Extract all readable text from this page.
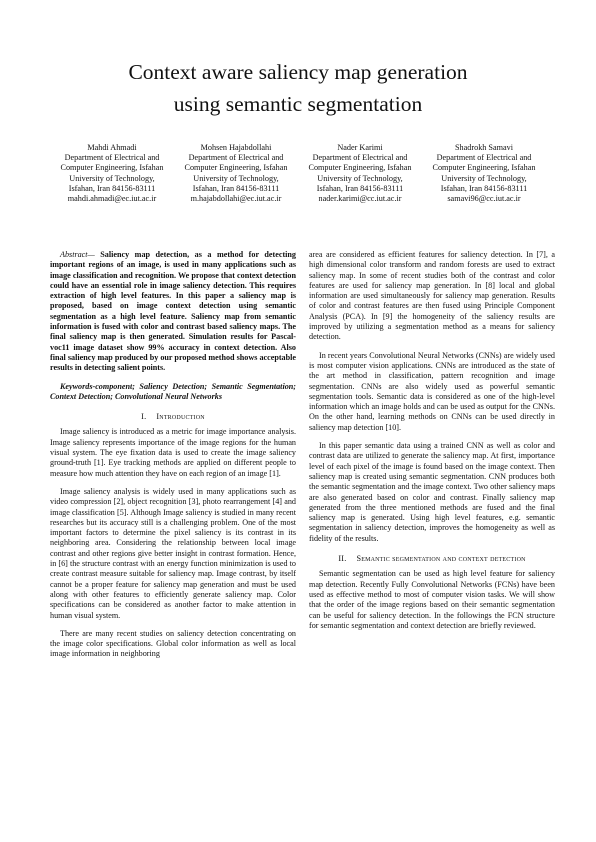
Context aware saliency map generation
using semantic segmentation
Mahdi Ahmadi
Department of Electrical and
Computer Engineering, Isfahan
University of Technology,
Isfahan, Iran 84156-83111
mahdi.ahmadi@ec.iut.ac.ir
Mohsen Hajabdollahi
Department of Electrical and
Computer Engineering, Isfahan
University of Technology,
Isfahan, Iran 84156-83111
m.hajabdollahi@ec.iut.ac.ir
Nader Karimi
Department of Electrical and
Computer Engineering, Isfahan
University of Technology,
Isfahan, Iran 84156-83111
nader.karimi@cc.iut.ac.ir
Shadrokh Samavi
Department of Electrical and
Computer Engineering, Isfahan
University of Technology,
Isfahan, Iran 84156-83111
samavi96@cc.iut.ac.ir

Abstract— Saliency map detection, as a method for detecting important regions of an image, is used in many applications such as image classification and recognition. We propose that context detection could have an essential role in image saliency detection. This requires extraction of high level features. In this paper a saliency map is proposed, based on image context detection using semantic segmentation as a high level feature. Saliency map from semantic information is fused with color and contrast based saliency maps. The final saliency map is then generated. Simulation results for Pascal-voc11 image dataset show 99% accuracy in context detection. Also final saliency map produced by our proposed method shows acceptable results in detecting salient points.

Keywords-component; Saliency Detection; Semantic Segmentation; Context Detection; Convolutional Neural Networks

I. Introduction

Image saliency is introduced as a metric for image importance analysis. Image saliency represents importance of the image regions for the human visual system. The eye fixation data is used to create the image saliency ground-truth [1]. Eye tracking methods are applied on different people to measure how much attention they have on each region of an image [1].

Image saliency analysis is widely used in many applications such as video compression [2], object recognition [3], photo rearrangement [4] and image classification [5]. Although Image saliency is studied in many recent researches but its accuracy still is a challenging problem. One of the most important factors to determine the pixel saliency is its contrast in its neighboring area. Considering the relationship between local image contrast and other regions give better insight in contrast formation. Hence, in [6] the structure contrast with an energy function minimization is used to create contrast measure suitable for saliency map. Image contrast, by itself cannot be a proper feature for saliency map generation and must be used along with other features to efficiently generate saliency map. Color specifications can be considered as another factor to make attention in human visual system.

There are many recent studies on saliency detection concentrating on the image color specifications. Global color information as well as local image information in neighboring

area are considered as efficient features for saliency detection. In [7], a high dimensional color transform and random forests are used to extract saliency map. In some of recent studies both of the contrast and color features are used for saliency map generation. In [8] local and global information are used simultaneously for saliency map generation. Results of color and contrast features are then fused using Principle Component Analysis (PCA). In [9] the homogeneity of the saliency results are improved by utilizing a segmentation method as a means for saliency detection.

In recent years Convolutional Neural Networks (CNNs) are widely used is most computer vision applications. CNNs are introduced as the state of the art method in classification, pattern recognition and image segmentation. CNNs are also widely used as powerful semantic segmentation tools. Semantic data is considered as one of the high-level information which an image holds and can be used as output for the CNNs. On the other hand, learning methods on CNNs can be used directly in saliency map detection [10].

In this paper semantic data using a trained CNN as well as color and contrast data are utilized to generate the saliency map. At first, importance level of each pixel of the image is found based on the image context. Then saliency map is created using semantic segmentation. CNN produces both the semantic segmentation and the image context. Two other saliency maps are also generated based on color and contrast. Finally saliency map generated from the three mentioned methods are fused and the final saliency map is generated. Using high level features, e.g. semantic segmentation in saliency detection, improves the homogeneity as well as fidelity of the results.

II. Semantic segmentation and context detection

Semantic segmentation can be used as high level feature for saliency map detection. Recently Fully Convolutional Networks (FCNs) have been used as effective method to most of computer vision tasks. We will show that the order of the image regions based on their semantic segmentation can be useful for saliency detection. In the followings the FCN structure for semantic segmentation and context detection are briefly reviewed.
